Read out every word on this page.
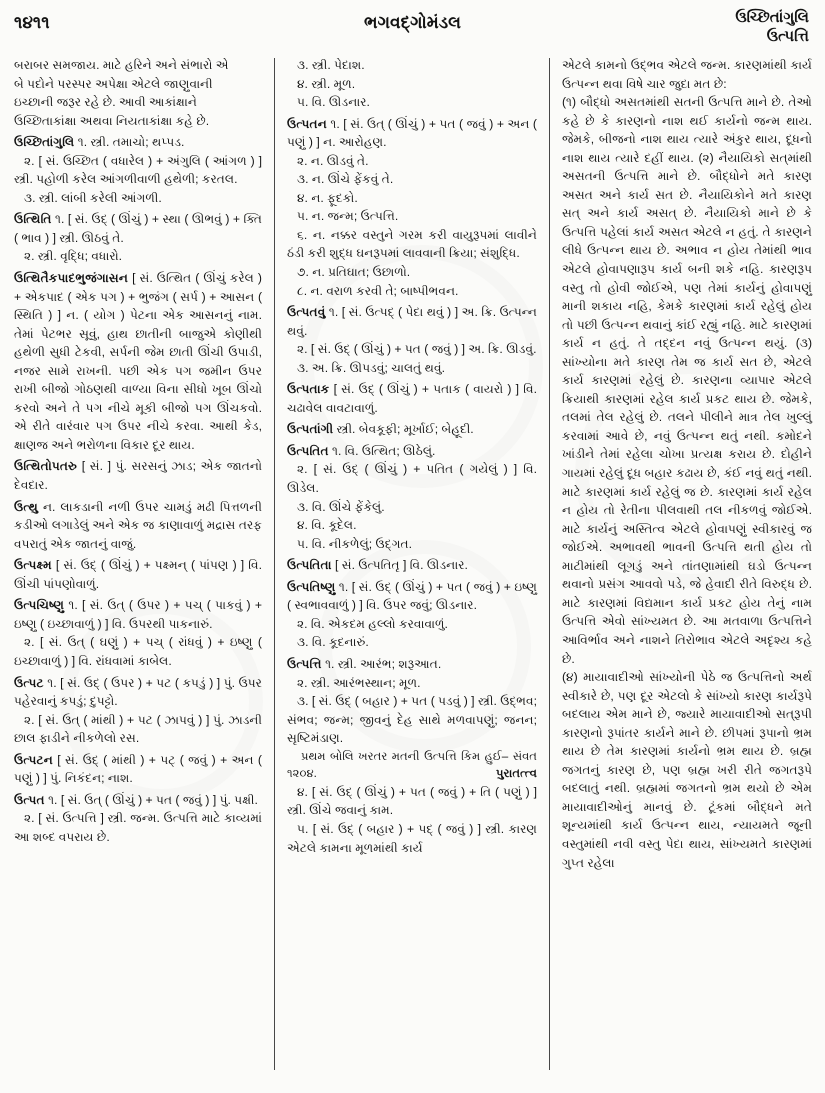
૧૪૧૧	ભગવદ્ગોમંડલ	ઉચ્છિતાંગુલિ
ઉત્પત્તિ
બરાબર સમજાય. માટે હરિને અને સંભારો એ
બે પદોને પરસ્પર અપેક્ષા એટલે જાણુવાની
ઇચ્છાની જરૂર રહે છે. આવી આકાંક્ષાને
ઉચ્છિતાકાંક્ષા અથવા નિયતાકાંક્ષા કહે છે.
ઉચ્છિતાંગુલિ ૧. સ્ત્રી. તમાચો; થપ્પડ.
૨. [ સં. ઉચ્છિત ( વધારેલ ) + અંગુલિ ( આંગળ ) ] સ્ત્રી. પહોળી કરેલ આંગળીવાળી હથેળી; કરતલ.
૩. સ્ત્રી. લાંબી કરેલી આંગળી.
ઉત્થિતિ ૧. [ સં. ઉદ્ ( ઊંચું ) + સ્થા ( ઊભવું ) + ક્તિ ( ભાવ ) ] સ્ત્રી. ઊઠવું તે.
૨. સ્ત્રી. વૃદ્ધિ; વધારો.
ઉત્થિતૈકપાદભુજંગાસન [ સં. ઉત્થિત ( ઊંચું કરેલ ) + એકપાદ ( એક પગ ) + ભુજંગ ( સર્પ ) + આસન ( સ્થિતિ ) ] ન. ( યોગ ) પેટના એક આસનનું નામ. તેમાં પેટભર સૂવું, હાથ છાતીની બાજુએ કોણીથી હથેળી સુધી ટેકવી, સર્પની જેમ છાતી ઊંચી ઉપાડી, નજર સામે રાખની. પછી એક પગ જમીન ઉપર રાખી બીજો ગોઠણથી વાળ્યા વિના સીધો ખૂબ ઊંચો કરવો અને તે પગ નીચે મૂકી બીજો પગ ઊંચકવો. એ રીતે વારંવાર પગ ઉપર નીચે કરવા. આથી કેડ, ક્ષાણજ અને ભરોળના વિકાર દૂર થાય.
ઉત્થિતોપતરુ [ સં. ] પું. સરસનું ઝાડ; એક જાતનો દેવદાર.
ઉત્થુ ન. લાકડાની નળી ઉપર ચામડું મઢી પિત્તળની કડીઓ લગાડેલું અને એક જ કાણાવાળું મદ્રાસ તરફ વપરાતું એક જાતનું વાજું.
ઉત્પક્ષ્મ [ સં. ઉદ્ ( ઊંચું ) + પક્ષ્મન્ ( પાંપણ ) ] વિ. ઊંચી પાંપણોવાળું.
ઉત્પચિષ્ણુ ૧. [ સં. ઉત્ ( ઉપર ) + પચ્ ( પાકવું ) + ઇષ્ણુ ( ઇચ્છાવાળું ) ] વિ. ઉપરથી પાકનારું.
૨. [ સં. ઉત્ ( ઘણું ) + પચ્ ( રાંધવું ) + ઇષ્ણુ ( ઇચ્છાવાળું ) ] વિ. રાંધવામાં કાબેલ.
ઉત્પટ ૧. [ સં. ઉદ્ ( ઉપર ) + પટ ( કપડું ) ] પું. ઉપર પહેરવાનું કપડું; દુપટ્ટો.
૨. [ સં. ઉત્ ( માંથી ) + પટ ( ઝાપવું ) ] પું. ઝાડની છાલ ફાડીને નીકળેલો રસ.
ઉત્પટન [ સં. ઉદ્ ( માંથી ) + પટ્ ( જવું ) + અન ( પણું ) ] પું. નિકંદન; નાશ.
ઉત્પત ૧. [ સં. ઉત્ ( ઊંચું ) + પત ( જવું ) ] પું. પક્ષી.
૨. [ સં. ઉત્પત્તિ ] સ્ત્રી. જન્મ. ઉત્પત્તિ માટે કાવ્યમાં આ શબ્દ વપરાય છે.
૩. સ્ત્રી. પેદાશ.
૪. સ્ત્રી. મૂળ.
૫. વિ. ઊડનાર.
ઉત્પતન ૧. [ સં. ઉત્ ( ઊંચું ) + પત ( જવું ) + અન ( પણું ) ] ન. આરોહણ.
૨. ન. ઊડવું તે.
૩. ન. ઊંચે ફેંકવું તે.
૪. ન. ફૂદકો.
૫. ન. જન્મ; ઉત્પત્તિ.
૬. ન. નક્કર વસ્તુને ગરમ કરી વાયુરૂપમાં લાવીને ઠંડી કરી શુદ્ધ ઘનરૂપમાં લાવવાની ક્રિયા; સંશુદ્ધિ.
૭. ન. પ્રતિઘાત; ઉછાળો.
૮. ન. વરાળ કરવી તે; બાષ્પીભવન.
ઉત્પતવું ૧. [ સં. ઉત્પદ્ ( પેદા થવું ) ] અ. ક્રિ. ઉત્પન્ન થવું.
૨. [ સં. ઉદ્ ( ઊંચું ) + પત ( જવું ) ] અ. ક્રિ. ઊડવું.
૩. અ. ક્રિ. ઊપડવું; ચાલતું થવું.
ઉત્પતાક [ સં. ઉદ્ ( ઊંચું ) + પતાક ( વાયરો ) ] વિ. ચઢાવેલ વાવટાવાળું.
ઉત્પતાંગી સ્ત્રી. બેવકૂફી; મૂર્ખાઈ; બેહૂદી.
ઉત્પતિત ૧. વિ. ઉત્થિત; ઊઠેલું.
૨. [ સં. ઉદ્ ( ઊંચું ) + પતિત ( ગયેલું ) ] વિ. ઊડેલ.
૩. વિ. ઊંચે ફેંકેલું.
૪. વિ. કૂદેલ.
૫. વિ. નીકળેલું; ઉદ્ગત.
ઉત્પતિતા [ સં. ઉત્પતિતૃ ] વિ. ઊડનાર.
ઉત્પતિષ્ણુ ૧. [ સં. ઉદ્ ( ઊંચું ) + પત ( જવું ) + ઇષ્ણુ ( સ્વભાવવાળું ) ] વિ. ઉપર જવું; ઊડનાર.
૨. વિ. એકદમ હલ્લો કરવાવાળું.
૩. વિ. કૂદનારું.
ઉત્પત્તિ ૧. સ્ત્રી. આરંભ; શરૂઆત.
૨. સ્ત્રી. આરંભસ્થાન; મૂળ.
૩. [ સં. ઉદ્ ( બહાર ) + પત ( પડવું ) ] સ્ત્રી. ઉદ્ભવ; સંભવ; જન્મ; જીવનું દેહ સાથે મળવાપણું; જનન; સૃષ્ટિમંડાણ.
પ્રથમ બોલિ ખરતર મતની ઉત્પત્તિ કિમ હુઈ– સંવત ૧૨૦૪.	પુરાતત્ત્વ
૪. [ સં. ઉદ્ ( ઊંચું ) + પત ( જવું ) + તિ ( પણું ) ] સ્ત્રી. ઊંચે જવાનું કામ.
૫. [ સં. ઉદ્ ( બહાર ) + પદ્ ( જવું ) ] સ્ત્રી. કારણ એટલે કામના મૂળમાંથી કાર્ય
એટલે કામનો ઉદ્ભવ એટલે જન્મ. કારણમાંથી કાર્ય ઉત્પન્ન થવા વિષે ચાર જુદા મત છે:
(૧) બૌદ્ધો અસતમાંથી સતની ઉત્પત્તિ માને છે. તેઓ કહે છે કે કારણનો નાશ થઈ કાર્યનો જન્મ થાય. જેમકે, બીજનો નાશ થાય ત્યારે અંકુર થાય, દૂધનો નાશ થાય ત્યારે દહીં થાય. (૨) નૈયાયિકો સત્‌માંથી અસતની ઉત્પત્તિ માને છે. બૌદ્ધોને મતે કારણ અસત અને કાર્ય સત છે. નૈયાયિકોને મતે કારણ સત્ અને કાર્ય અસત્ છે. નૈયાયિકો માને છે કે ઉત્પત્તિ પહેલાં કાર્ય અસત એટલે ન હતું. તે કારણને લીધે ઉત્પન્ન થાય છે. અભાવ ન હોય તેમાંથી ભાવ એટલે હોવાપણારૂપ કાર્ય બની શકે નહિ. કારણરૂપ વસ્તુ તો હોવી જોઈએ, પણ તેમાં કાર્યનું હોવાપણું માની શકાય નહિ, કેમકે કારણમાં કાર્ય રહેલું હોય તો પછી ઉત્પન્ન થવાનું કાંઈ રહ્યું નહિ. માટે કારણમાં કાર્ય ન હતું. તે તદ્દન નવું ઉત્પન્ન થયું. (૩) સાંખ્યોના મતે કારણ તેમ જ કાર્ય સત છે, એટલે કાર્ય કારણમાં રહેલું છે. કારણના વ્યાપાર એટલે ક્રિયાથી કારણમાં રહેલ કાર્ય પ્રકટ થાય છે. જેમકે, તલમાં તેલ રહેલું છે. તલને પીલીને માત્ર તેલ ખુલ્લું કરવામાં આવે છે, નવું ઉત્પન્ન થતું નથી. કમોદને ખાંડીને તેમાં રહેલા ચોખા પ્રત્યક્ષ કરાય છે. દોહીને ગાયમાં રહેલું દૂધ બહાર કઢાય છે, કંઈ નવું થતું નથી. માટે કારણમાં કાર્ય રહેલું જ છે. કારણમાં કાર્ય રહેલ ન હોય તો રેતીના પીલવાથી તલ નીકળવું જોઈએ. માટે કાર્યનું અસ્તિત્વ એટલે હોવાપણું સ્વીકારવું જ જોઈએ. અભાવથી ભાવની ઉત્પત્તિ થતી હોય તો માટીમાંથી લૂગડું અને તાંતણામાંથી ઘડો ઉત્પન્ન થવાનો પ્રસંગ આવવો પડે, જે હેવાદી રીતે વિરુદ્ધ છે. માટે કારણમાં વિદ્યમાન કાર્ય પ્રકટ હોય તેનું નામ ઉત્પત્તિ એવો સાંખ્યમત છે. આ મતવાળા ઉત્પત્તિને આવિર્ભાવ અને નાશને તિરોભાવ એટલે અદૃશ્ય કહે છે.
(૪) માયાવાદીઓ સાંખ્યોની પેઠે જ ઉત્પત્તિનો અર્થ સ્વીકારે છે, પણ દૂર એટલો કે સાંખ્યો કારણ કાર્યરૂપે બદલાય એમ માને છે, જ્યારે માયાવાદીઓ સત્‌રૂપી કારણનો રૂપાંતર કાર્યને માને છે. છીપમાં રૂપાનો ભ્રમ થાય છે તેમ કારણમાં કાર્યનો ભ્રમ થાય છે. બ્રહ્મ જગતનું કારણ છે, પણ બ્રહ્મ ખરી રીતે જગતરૂપે બદલાતું નથી. બ્રહ્મમાં જગતનો ભ્રમ થયો છે એમ માયાવાદીઓનું માનવું છે. ટૂંકમાં બૌદ્ધને મતે શૂન્યમાંથી કાર્ય ઉત્પન્ન થાય, ન્યાયમતે જૂની વસ્તુમાંથી નવી વસ્તુ પેદા થાય, સાંખ્યમતે કારણમાં ગુપ્ત રહેલા
